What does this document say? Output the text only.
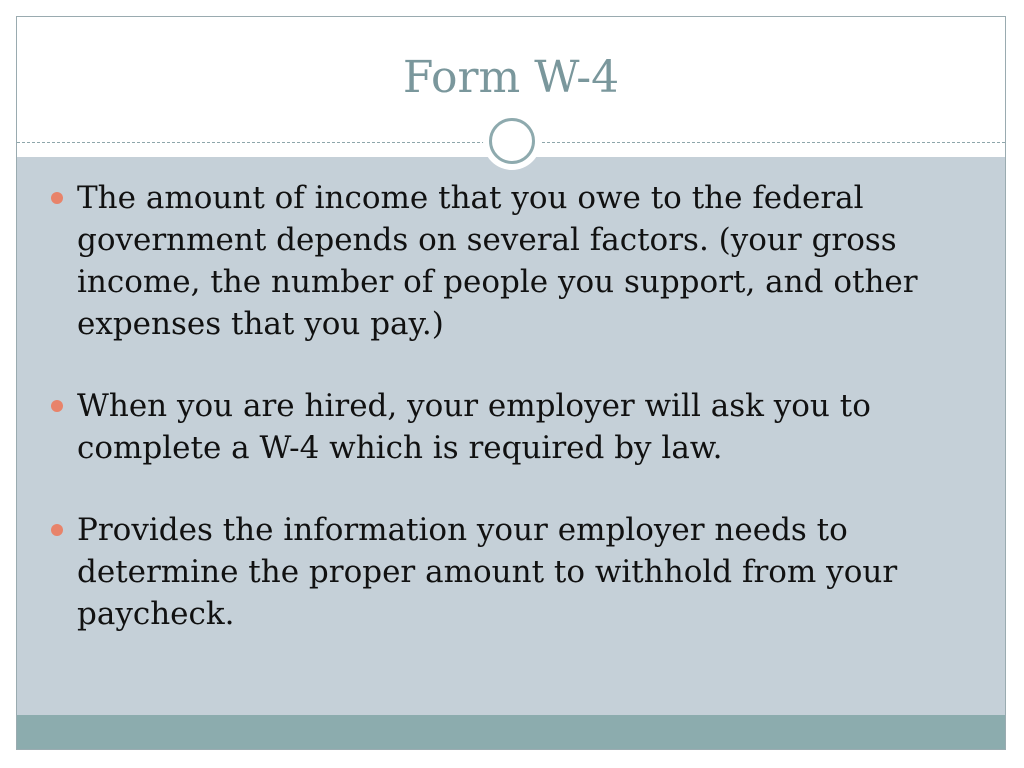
Form W-4
The amount of income that you owe to the federal government depends on several factors. (your gross income, the number of people you support, and other expenses that you pay.)
When you are hired, your employer will ask you to complete a W-4 which is required by law.
Provides the information your employer needs to determine the proper amount to withhold from your paycheck.
